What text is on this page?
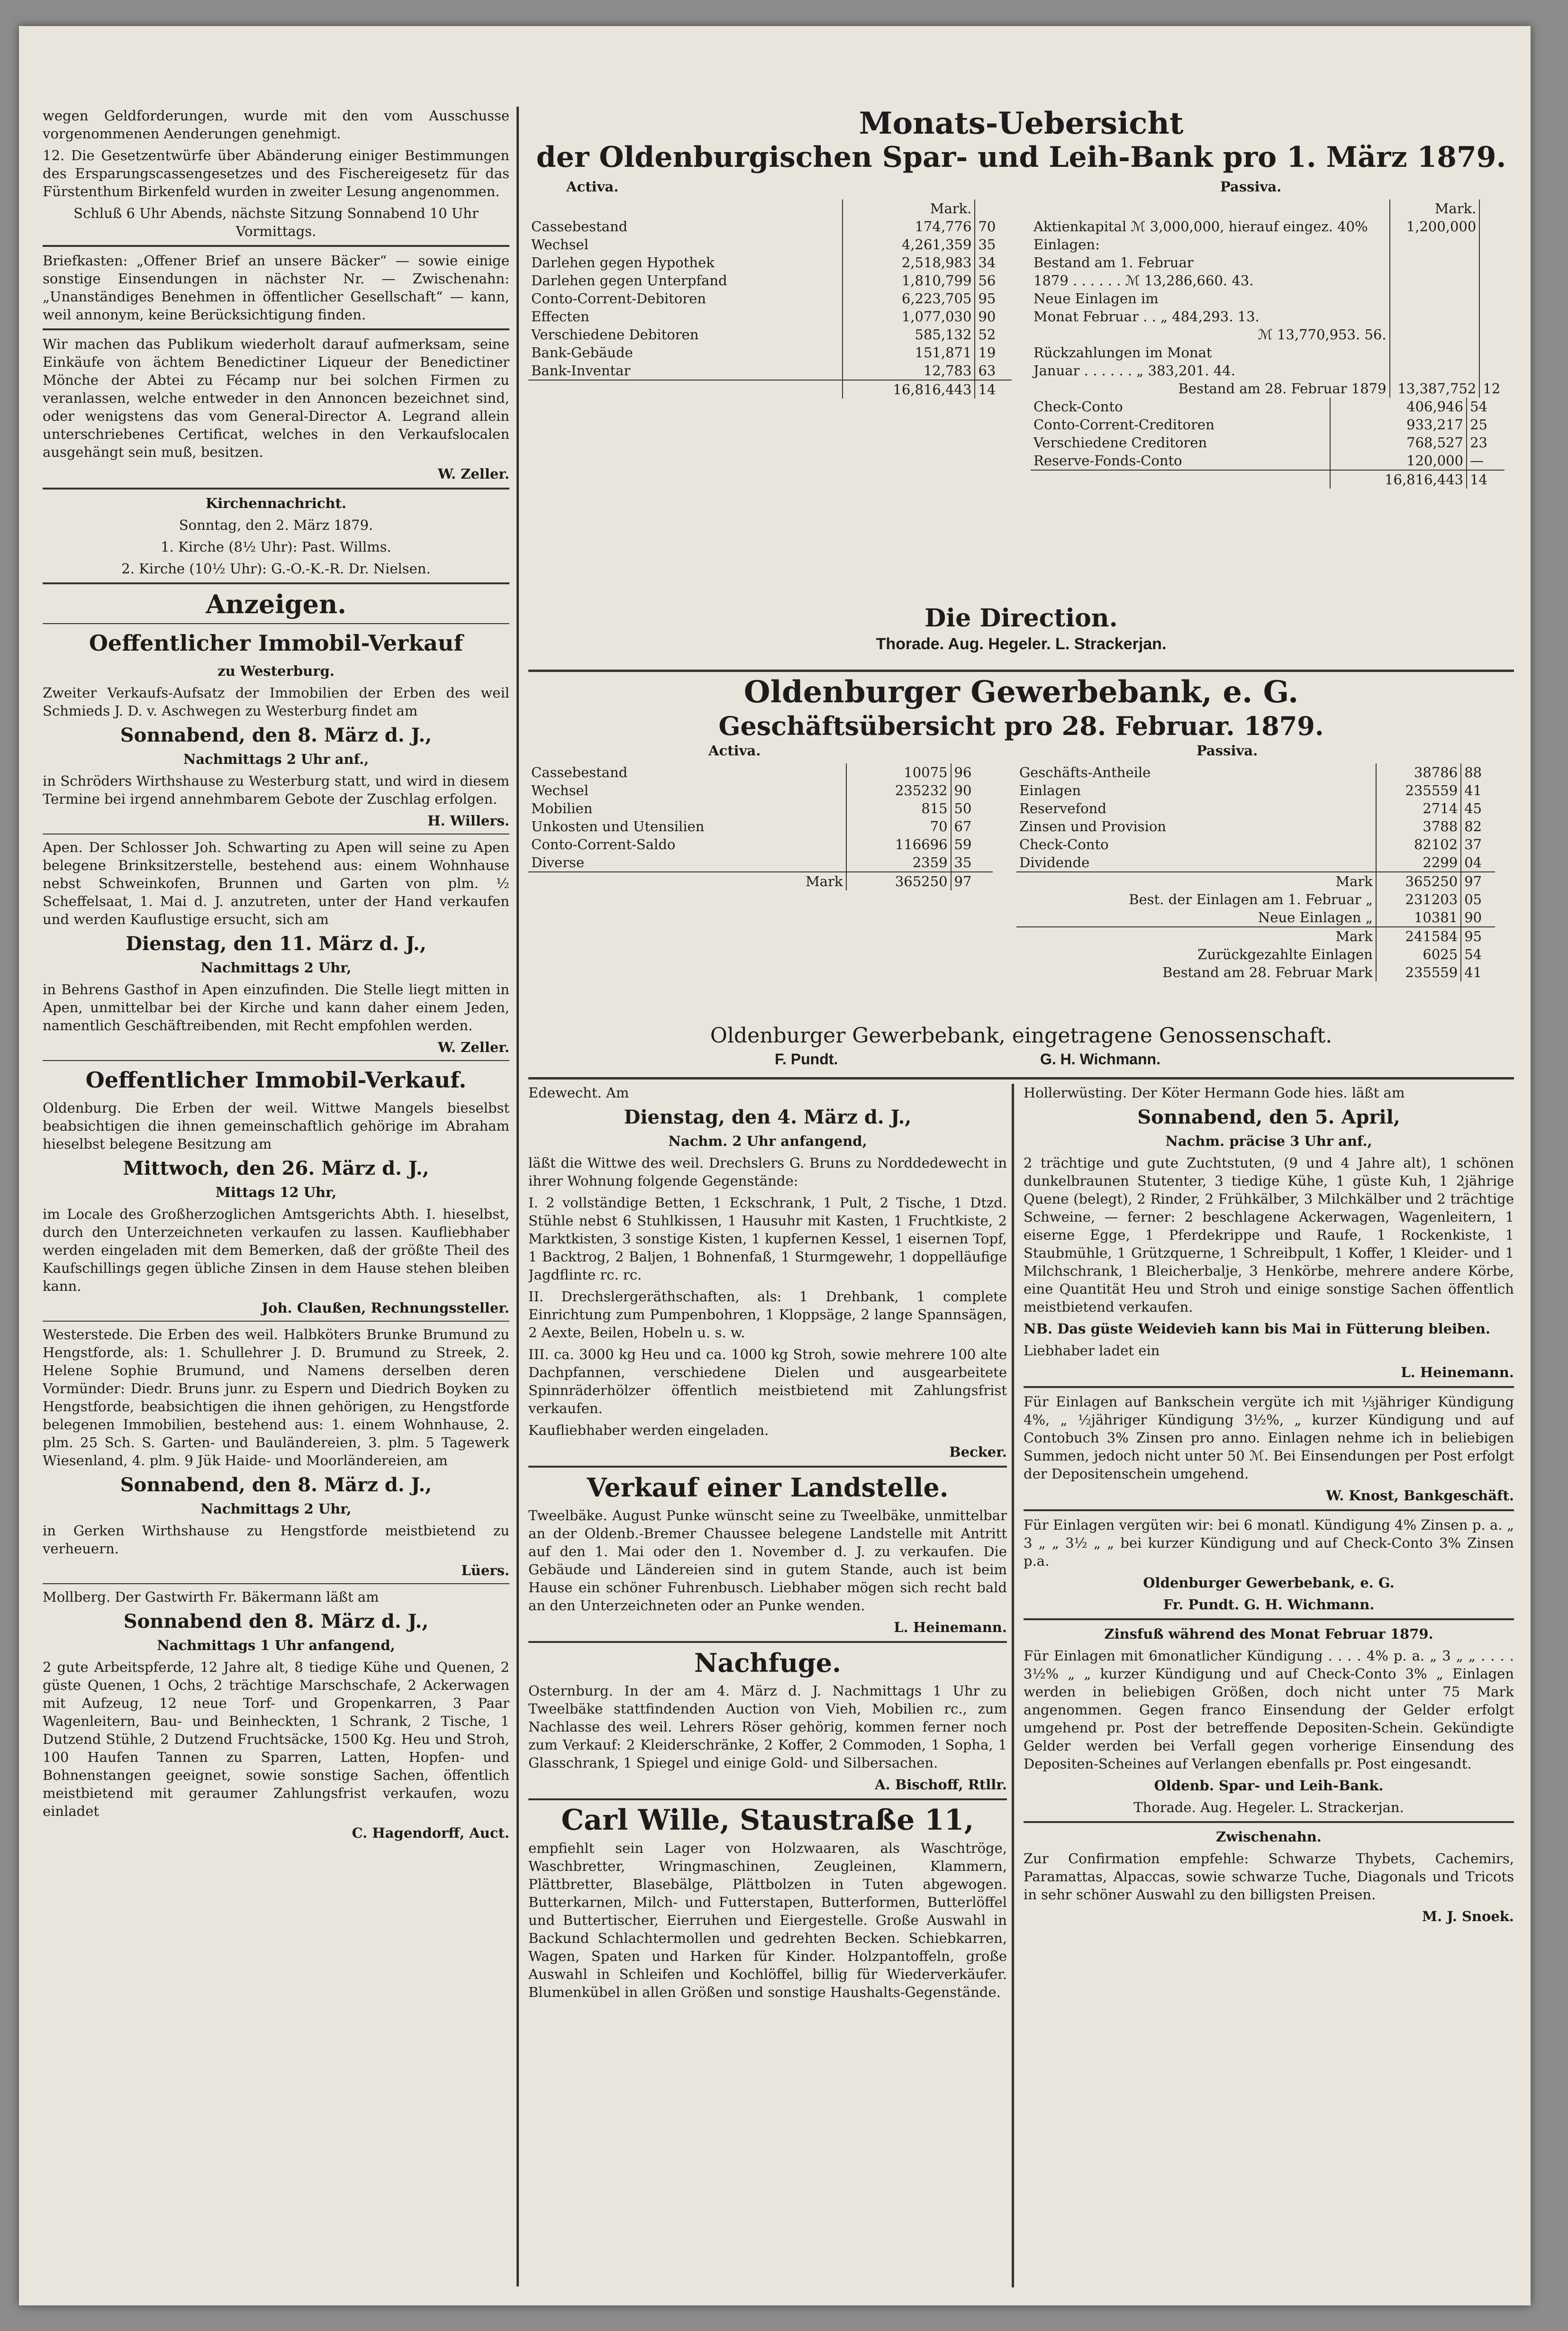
wegen Geldforderungen, wurde mit den vom Ausschusse vorgenommenen Aenderungen genehmigt.

12. Die Gesetzentwürfe über Abänderung einiger Bestimmungen des Ersparungscassengesetzes und des Fischereigesetz für das Fürstenthum Birkenfeld wurden in zweiter Lesung angenommen.

Schluß 6 Uhr Abends, nächste Sitzung Sonnabend 10 Uhr Vormittags.

Briefkasten: „Offener Brief an unsere Bäcker“ — sowie einige sonstige Einsendungen in nächster Nr. — Zwischenahn: „Unanständiges Benehmen in öffentlicher Gesellschaft“ — kann, weil annonym, keine Berücksichtigung finden.

Wir machen das Publikum wiederholt darauf aufmerksam, seine Einkäufe von ächtem Benedictiner Liqueur der Benedictiner Mönche der Abtei zu Fécamp nur bei solchen Firmen zu veranlassen, welche entweder in den Annoncen bezeichnet sind, oder wenigstens das vom General-Director A. Legrand allein unterschriebenes Certificat, welches in den Verkaufslocalen ausgehängt sein muß, besitzen.

W. Zeller.

Kirchennachricht.

Sonntag, den 2. März 1879.

1. Kirche (8½ Uhr): Past. Willms.

2. Kirche (10½ Uhr): G.-O.-K.-R. Dr. Nielsen.

Anzeigen.

Oeffentlicher Immobil-Verkauf

zu Westerburg.

Zweiter Verkaufs-Aufsatz der Immobilien der Erben des weil Schmieds J. D. v. Aschwegen zu Westerburg findet am

Sonnabend, den 8. März d. J.,

Nachmittags 2 Uhr anf.,

in Schröders Wirthshause zu Westerburg statt, und wird in diesem Termine bei irgend annehmbarem Gebote der Zuschlag erfolgen.

H. Willers.

Apen. Der Schlosser Joh. Schwarting zu Apen will seine zu Apen belegene Brinksitzerstelle, bestehend aus: einem Wohnhause nebst Schweinkofen, Brunnen und Garten von plm. ½ Scheffelsaat, 1. Mai d. J. anzutreten, unter der Hand verkaufen und werden Kauflustige ersucht, sich am

Dienstag, den 11. März d. J.,

Nachmittags 2 Uhr,

in Behrens Gasthof in Apen einzufinden. Die Stelle liegt mitten in Apen, unmittelbar bei der Kirche und kann daher einem Jeden, namentlich Geschäftreibenden, mit Recht empfohlen werden.

W. Zeller.

Oeffentlicher Immobil-Verkauf.

Oldenburg. Die Erben der weil. Wittwe Mangels bieselbst beabsichtigen die ihnen gemeinschaftlich gehörige im Abraham hieselbst belegene Besitzung am

Mittwoch, den 26. März d. J.,

Mittags 12 Uhr,

im Locale des Großherzoglichen Amtsgerichts Abth. I. hieselbst, durch den Unterzeichneten verkaufen zu lassen. Kaufliebhaber werden eingeladen mit dem Bemerken, daß der größte Theil des Kaufschillings gegen übliche Zinsen in dem Hause stehen bleiben kann.

Joh. Claußen, Rechnungssteller.

Westerstede. Die Erben des weil. Halbköters Brunke Brumund zu Hengstforde, als: 1. Schullehrer J. D. Brumund zu Streek, 2. Helene Sophie Brumund, und Namens derselben deren Vormünder: Diedr. Bruns junr. zu Espern und Diedrich Boyken zu Hengstforde, beabsichtigen die ihnen gehörigen, zu Hengstforde belegenen Immobilien, bestehend aus: 1. einem Wohnhause, 2. plm. 25 Sch. S. Garten- und Bauländereien, 3. plm. 5 Tagewerk Wiesenland, 4. plm. 9 Jük Haide- und Moorländereien, am

Sonnabend, den 8. März d. J.,

Nachmittags 2 Uhr,

in Gerken Wirthshause zu Hengstforde meistbietend zu verheuern.

Lüers.

Mollberg. Der Gastwirth Fr. Bäkermann läßt am

Sonnabend den 8. März d. J.,

Nachmittags 1 Uhr anfangend,

2 gute Arbeitspferde, 12 Jahre alt, 8 tiedige Kühe und Quenen, 2 güste Quenen, 1 Ochs, 2 trächtige Marschschafe, 2 Ackerwagen mit Aufzeug, 12 neue Torf- und Gropenkarren, 3 Paar Wagenleitern, Bau- und Beinheckten, 1 Schrank, 2 Tische, 1 Dutzend Stühle, 2 Dutzend Fruchtsäcke, 1500 Kg. Heu und Stroh, 100 Haufen Tannen zu Sparren, Latten, Hopfen- und Bohnenstangen geeignet, sowie sonstige Sachen, öffentlich meistbietend mit geraumer Zahlungsfrist verkaufen, wozu einladet

C. Hagendorff, Auct.

Monats-Uebersicht
der Oldenburgischen Spar- und Leih-Bank pro 1. März 1879.
Activa.
	Mark.	
Cassebestand	174,776	70
Wechsel	4,261,359	35
Darlehen gegen Hypothek	2,518,983	34
Darlehen gegen Unterpfand	1,810,799	56
Conto-Corrent-Debitoren	6,223,705	95
Effecten	1,077,030	90
Verschiedene Debitoren	585,132	52
Bank-Gebäude	151,871	19
Bank-Inventar	12,783	63
	16,816,443	14
Passiva.
	Mark.	
Aktienkapital ℳ 3,000,000, hierauf eingez. 40%	1,200,000	
Einlagen:		
Bestand am 1. Februar		
1879 . . . . . . ℳ 13,286,660. 43.		
Neue Einlagen im		
Monat Februar . . „ 484,293. 13.		
ℳ 13,770,953. 56.		
Rückzahlungen im Monat		
Januar . . . . . . „ 383,201. 44.		
Bestand am 28. Februar 1879	13,387,752	12
Check-Conto	406,946	54
Conto-Corrent-Creditoren	933,217	25
Verschiedene Creditoren	768,527	23
Reserve-Fonds-Conto	120,000	—
	16,816,443	14
Die Direction.
Thorade. Aug. Hegeler. L. Strackerjan.
Oldenburger Gewerbebank, e. G.
Geschäftsübersicht pro 28. Februar. 1879.
Activa.
Cassebestand	10075	96
Wechsel	235232	90
Mobilien	815	50
Unkosten und Utensilien	70	67
Conto-Corrent-Saldo	116696	59
Diverse	2359	35
Mark	365250	97
Passiva.
Geschäfts-Antheile	38786	88
Einlagen	235559	41
Reservefond	2714	45
Zinsen und Provision	3788	82
Check-Conto	82102	37
Dividende	2299	04
Mark	365250	97
Best. der Einlagen am 1. Februar „	231203	05
Neue Einlagen „	10381	90
Mark	241584	95
Zurückgezahlte Einlagen	6025	54
Bestand am 28. Februar Mark	235559	41
Oldenburger Gewerbebank, eingetragene Genossenschaft.
F. Pundt.	G. H. Wichmann.

Edewecht. Am

Dienstag, den 4. März d. J.,

Nachm. 2 Uhr anfangend,

läßt die Wittwe des weil. Drechslers G. Bruns zu Norddedewecht in ihrer Wohnung folgende Gegenstände:

I. 2 vollständige Betten, 1 Eckschrank, 1 Pult, 2 Tische, 1 Dtzd. Stühle nebst 6 Stuhlkissen, 1 Hausuhr mit Kasten, 1 Fruchtkiste, 2 Marktkisten, 3 sonstige Kisten, 1 kupfernen Kessel, 1 eisernen Topf, 1 Backtrog, 2 Baljen, 1 Bohnenfaß, 1 Sturmgewehr, 1 doppelläufige Jagdflinte rc. rc.

II. Drechslergeräthschaften, als: 1 Drehbank, 1 complete Einrichtung zum Pumpenbohren, 1 Kloppsäge, 2 lange Spannsägen, 2 Aexte, Beilen, Hobeln u. s. w.

III. ca. 3000 kg Heu und ca. 1000 kg Stroh, sowie mehrere 100 alte Dachpfannen, verschiedene Dielen und ausgearbeitete Spinnräderhölzer öffentlich meistbietend mit Zahlungsfrist verkaufen.

Kaufliebhaber werden eingeladen.

Becker.

Verkauf einer Landstelle.

Tweelbäke. August Punke wünscht seine zu Tweelbäke, unmittelbar an der Oldenb.-Bremer Chaussee belegene Landstelle mit Antritt auf den 1. Mai oder den 1. November d. J. zu verkaufen. Die Gebäude und Ländereien sind in gutem Stande, auch ist beim Hause ein schöner Fuhrenbusch. Liebhaber mögen sich recht bald an den Unterzeichneten oder an Punke wenden.

L. Heinemann.

Nachfuge.

Osternburg. In der am 4. März d. J. Nachmittags 1 Uhr zu Tweelbäke stattfindenden Auction von Vieh, Mobilien rc., zum Nachlasse des weil. Lehrers Röser gehörig, kommen ferner noch zum Verkauf: 2 Kleiderschränke, 2 Koffer, 2 Commoden, 1 Sopha, 1 Glasschrank, 1 Spiegel und einige Gold- und Silbersachen.

A. Bischoff, Rtllr.

Carl Wille, Staustraße 11,

empfiehlt sein Lager von Holzwaaren, als Waschtröge, Waschbretter, Wringmaschinen, Zeugleinen, Klammern, Plättbretter, Blasebälge, Plättbolzen in Tuten abgewogen. Butterkarnen, Milch- und Futterstapen, Butterformen, Butterlöffel und Buttertischer, Eierruhen und Eiergestelle. Große Auswahl in Backund Schlachtermollen und gedrehten Becken. Schiebkarren, Wagen, Spaten und Harken für Kinder. Holzpantoffeln, große Auswahl in Schleifen und Kochlöffel, billig für Wiederverkäufer. Blumenkübel in allen Größen und sonstige Haushalts-Gegenstände.

Hollerwüsting. Der Köter Hermann Gode hies. läßt am

Sonnabend, den 5. April,

Nachm. präcise 3 Uhr anf.,

2 trächtige und gute Zuchtstuten, (9 und 4 Jahre alt), 1 schönen dunkelbraunen Stutenter, 3 tiedige Kühe, 1 güste Kuh, 1 2jährige Quene (belegt), 2 Rinder, 2 Frühkälber, 3 Milchkälber und 2 trächtige Schweine, — ferner: 2 beschlagene Ackerwagen, Wagenleitern, 1 eiserne Egge, 1 Pferdekrippe und Raufe, 1 Rockenkiste, 1 Staubmühle, 1 Grützquerne, 1 Schreibpult, 1 Koffer, 1 Kleider- und 1 Milchschrank, 1 Bleicherbalje, 3 Henkörbe, mehrere andere Körbe, eine Quantität Heu und Stroh und einige sonstige Sachen öffentlich meistbietend verkaufen.

NB. Das güste Weidevieh kann bis Mai in Fütterung bleiben.

Liebhaber ladet ein

L. Heinemann.

Für Einlagen auf Bankschein vergüte ich mit ⅓jähriger Kündigung 4%, „ ½jähriger Kündigung 3½%, „ kurzer Kündigung und auf Contobuch 3% Zinsen pro anno. Einlagen nehme ich in beliebigen Summen, jedoch nicht unter 50 ℳ. Bei Einsendungen per Post erfolgt der Depositenschein umgehend.

W. Knost, Bankgeschäft.

Für Einlagen vergüten wir: bei 6 monatl. Kündigung 4% Zinsen p. a. „ 3 „ „ 3½ „ „ bei kurzer Kündigung und auf Check-Conto 3% Zinsen p.a.

Oldenburger Gewerbebank, e. G.

Fr. Pundt. G. H. Wichmann.

Zinsfuß während des Monat Februar 1879.

Für Einlagen mit 6monatlicher Kündigung . . . . 4% p. a. „ 3 „ „ . . . . 3½% „ „ kurzer Kündigung und auf Check-Conto 3% „ Einlagen werden in beliebigen Größen, doch nicht unter 75 Mark angenommen. Gegen franco Einsendung der Gelder erfolgt umgehend pr. Post der betreffende Depositen-Schein. Gekündigte Gelder werden bei Verfall gegen vorherige Einsendung des Depositen-Scheines auf Verlangen ebenfalls pr. Post eingesandt.

Oldenb. Spar- und Leih-Bank.

Thorade. Aug. Hegeler. L. Strackerjan.

Zwischenahn.

Zur Confirmation empfehle: Schwarze Thybets, Cachemirs, Paramattas, Alpaccas, sowie schwarze Tuche, Diagonals und Tricots in sehr schöner Auswahl zu den billigsten Preisen.

M. J. Snoek.
